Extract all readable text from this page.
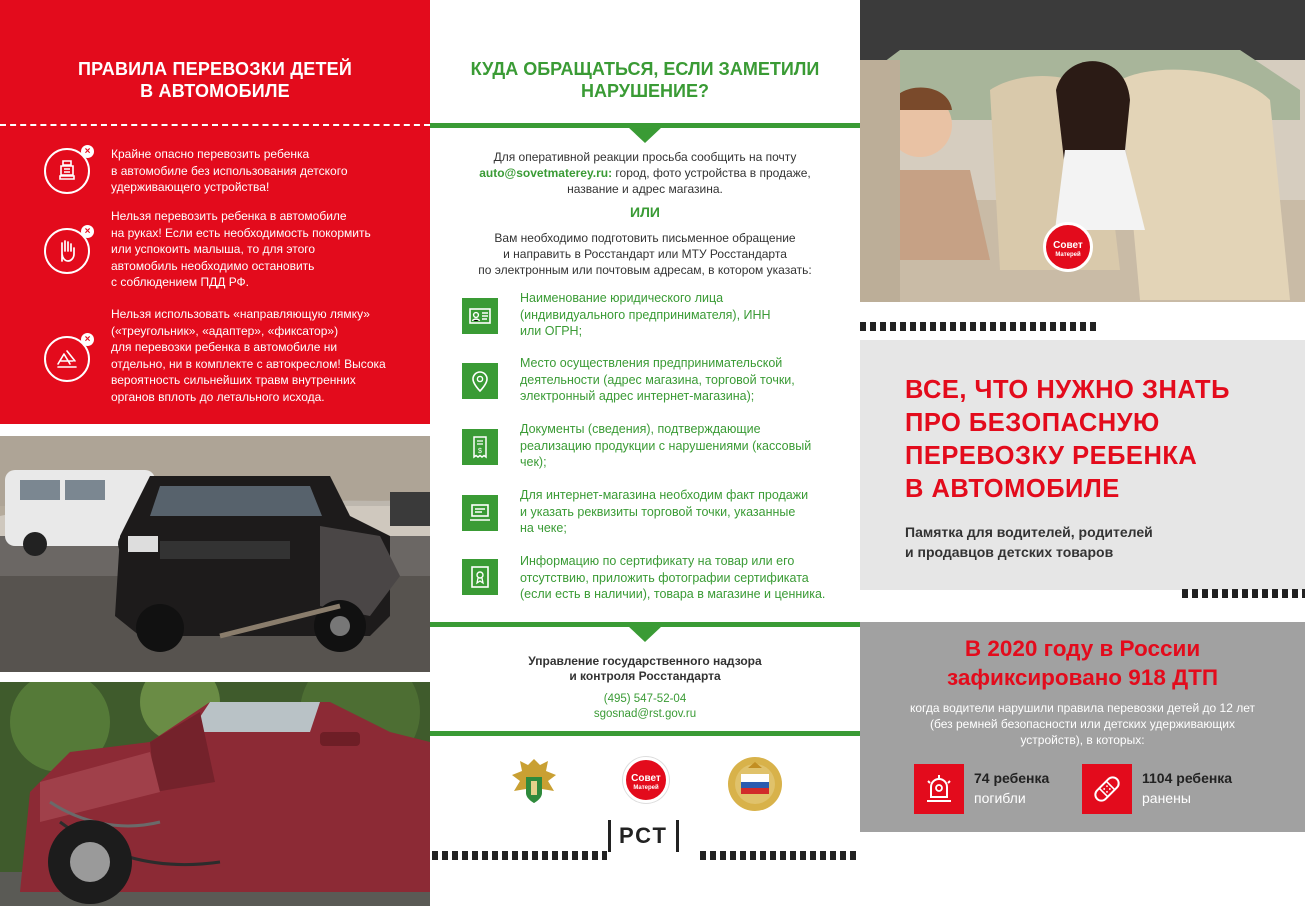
ПРАВИЛА ПЕРЕВОЗКИ ДЕТЕЙ
В АВТОМОБИЛЕ
× Крайне опасно перевозить ребенка
в автомобиле без использования детского
удерживающего устройства!
×
Нельзя перевозить ребенка в автомобиле
на руках! Если есть необходимость покормить
или успокоить малыша, то для этого
автомобиль необходимо остановить
с соблюдением ПДД РФ.
×
Нельзя использовать «направляющую лямку»
(«треугольник», «адаптер», «фиксатор»)
для перевозки ребенка в автомобиле ни
отдельно, ни в комплекте с автокреслом! Высока
вероятность сильнейших травм внутренних
органов вплоть до летального исхода.
КУДА ОБРАЩАТЬСЯ, ЕСЛИ ЗАМЕТИЛИ
НАРУШЕНИЕ?
Для оперативной реакции просьба сообщить на почту
auto@sovetmaterey.ru: город, фото устройства в продаже,
название и адрес магазина.
ИЛИ
Вам необходимо подготовить письменное обращение
и направить в Росстандарт или МТУ Росстандарта
по электронным или почтовым адресам, в котором указать:
Наименование юридического лица
(индивидуального предпринимателя), ИНН
или ОГРН;
Место осуществления предпринимательской
деятельности (адрес магазина, торговой точки,
электронный адрес интернет-магазина);
$
Документы (сведения), подтверждающие
реализацию продукции с нарушениями (кассовый
чек);
Для интернет-магазина необходим факт продажи
и указать реквизиты торговой точки, указанные
на чеке;
Информацию по сертификату на товар или его
отсутствию, приложить фотографии сертификата
(если есть в наличии), товара в магазине и ценника.
Управление государственного надзора
и контроля Росстандарта
(495) 547-52-04
sgosnad@rst.gov.ru
Совет
Матерей
РСТ
Совет
Матерей
ВСЕ, ЧТО НУЖНО ЗНАТЬ
ПРО БЕЗОПАСНУЮ
ПЕРЕВОЗКУ РЕБЕНКА
В АВТОМОБИЛЕ
Памятка для водителей, родителей
и продавцов детских товаров
В 2020 году в России
зафиксировано 918 ДТП
когда водители нарушили правила перевозки детей до 12 лет
(без ремней безопасности или детских удерживающих
устройств), в которых:
74 ребенка
погибли
1104 ребенка
ранены
